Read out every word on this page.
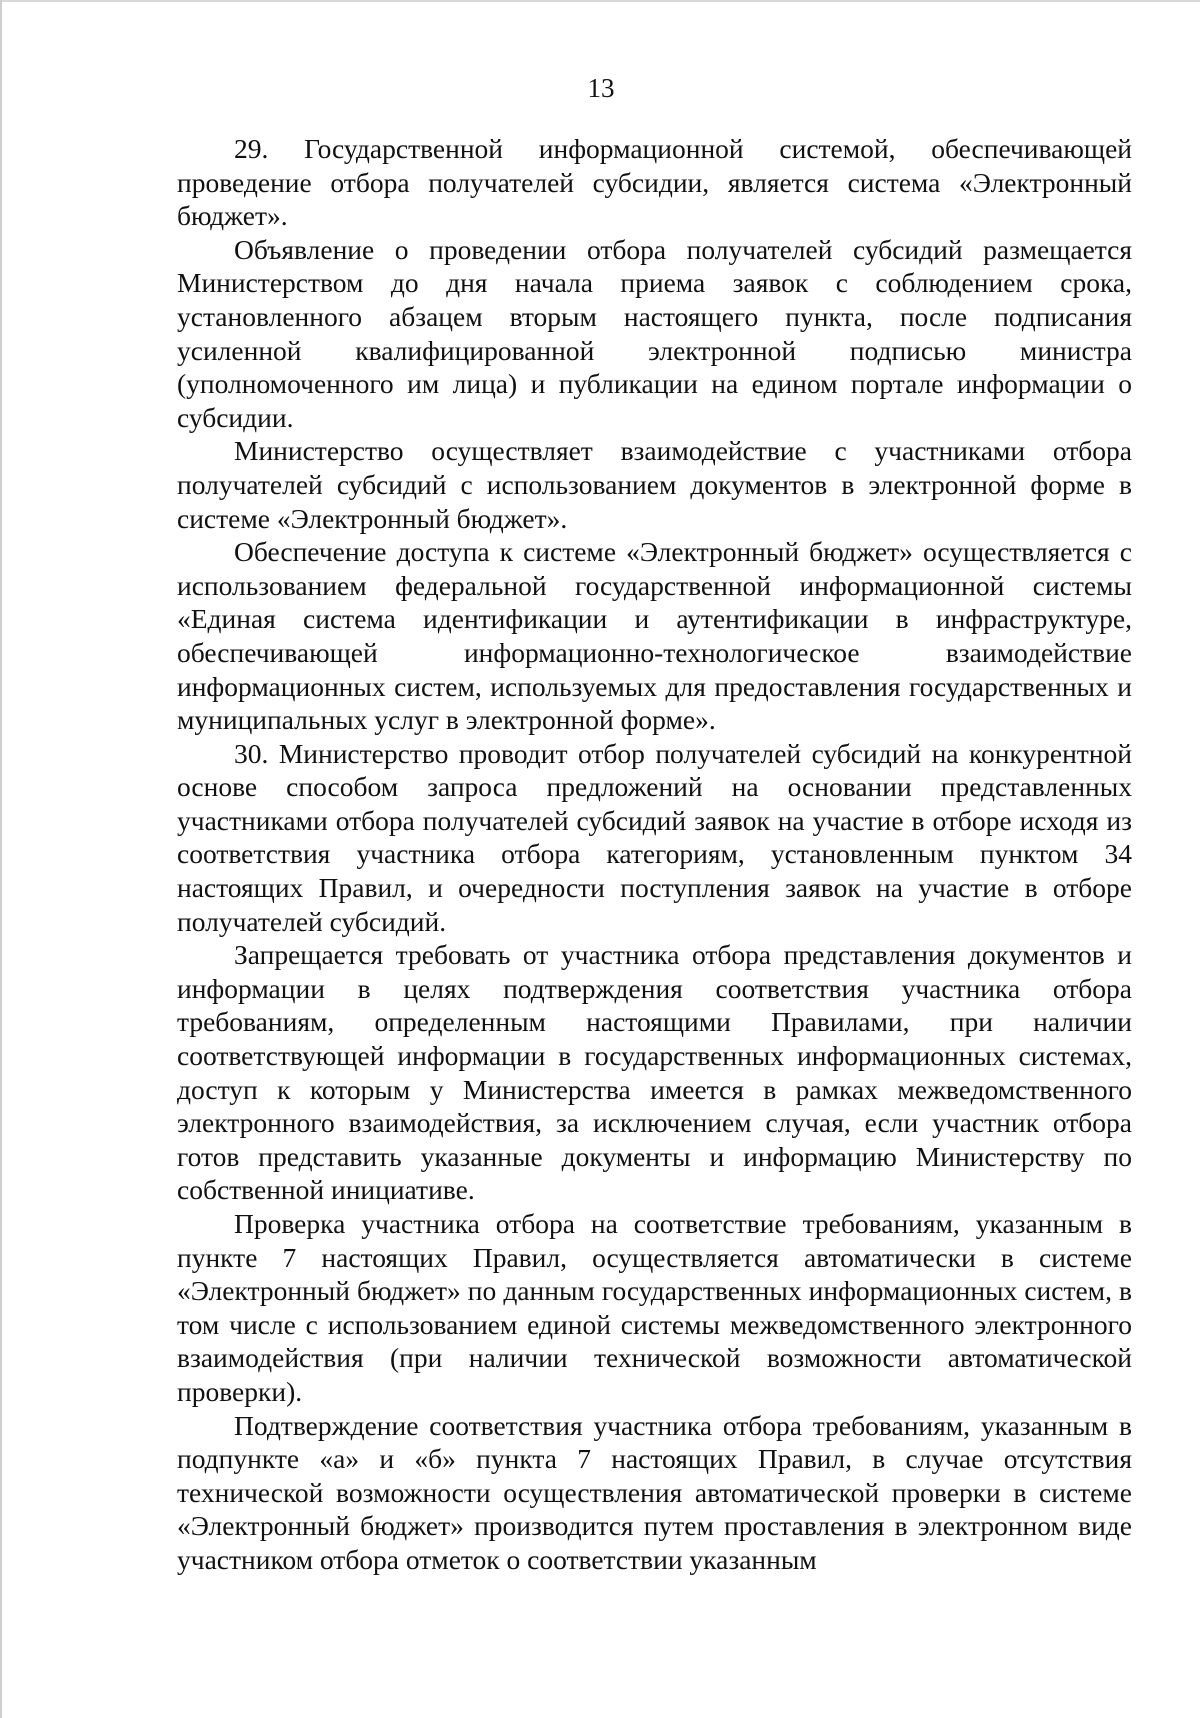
13

29. Государственной информационной системой, обеспечивающей проведение отбора получателей субсидии, является система «Электронный бюджет».

Объявление о проведении отбора получателей субсидий размещается Министерством до дня начала приема заявок с соблюдением срока, установленного абзацем вторым настоящего пункта, после подписания усиленной квалифицированной электронной подписью министра (уполномоченного им лица) и публикации на едином портале информации о субсидии.

Министерство осуществляет взаимодействие с участниками отбора получателей субсидий с использованием документов в электронной форме в системе «Электронный бюджет».

Обеспечение доступа к системе «Электронный бюджет» осуществляется с использованием федеральной государственной информационной системы «Единая система идентификации и аутентификации в инфраструктуре, обеспечивающей информационно-технологическое взаимодействие информационных систем, используемых для предоставления государственных и муниципальных услуг в электронной форме».

30. Министерство проводит отбор получателей субсидий на конкурентной основе способом запроса предложений на основании представленных участниками отбора получателей субсидий заявок на участие в отборе исходя из соответствия участника отбора категориям, установленным пунктом 34 настоящих Правил, и очередности поступления заявок на участие в отборе получателей субсидий.

Запрещается требовать от участника отбора представления документов и информации в целях подтверждения соответствия участника отбора требованиям, определенным настоящими Правилами, при наличии соответствующей информации в государственных информационных системах, доступ к которым у Министерства имеется в рамках межведомственного электронного взаимодействия, за исключением случая, если участник отбора готов представить указанные документы и информацию Министерству по собственной инициативе.

Проверка участника отбора на соответствие требованиям, указанным в пункте 7 настоящих Правил, осуществляется автоматически в системе «Электронный бюджет» по данным государственных информационных систем, в том числе с использованием единой системы межведомственного электронного взаимодействия (при наличии технической возможности автоматической проверки).

Подтверждение соответствия участника отбора требованиям, указанным в подпункте «а» и «б» пункта 7 настоящих Правил, в случае отсутствия технической возможности осуществления автоматической проверки в системе «Электронный бюджет» производится путем проставления в электронном виде участником отбора отметок о соответствии указанным
